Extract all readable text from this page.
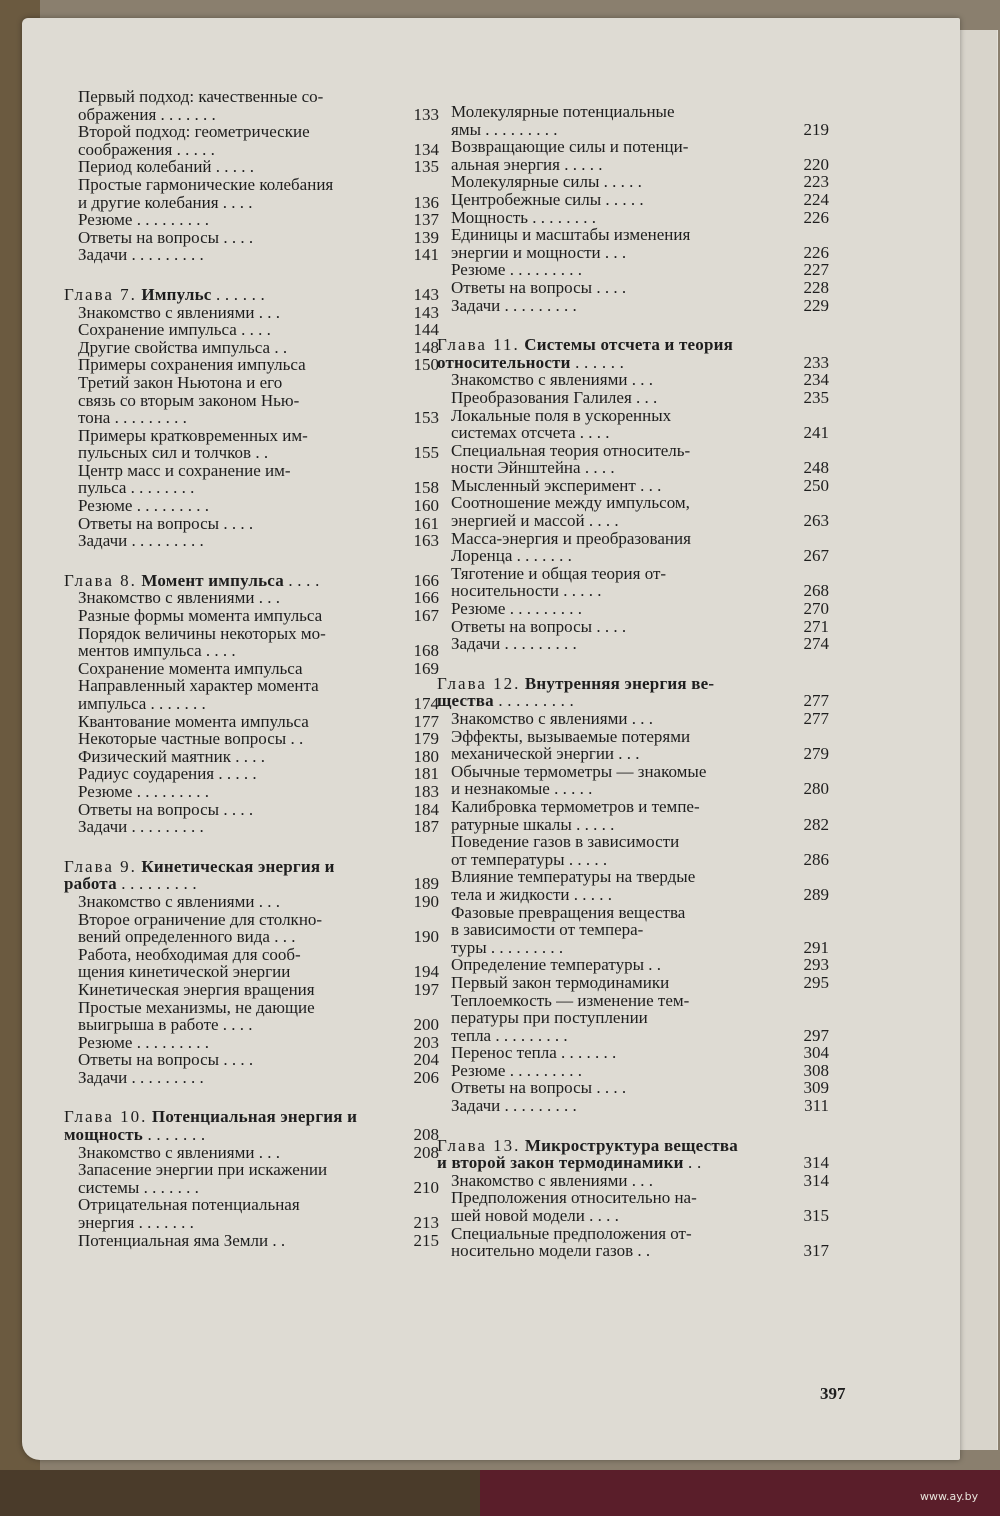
Первый подход: качественные со-
ображения . . . . . . .	133
Второй подход: геометрические
соображения . . . . .	134
Период колебаний . . . . .	135
Простые гармонические колебания
и другие колебания . . . .	136
Резюме . . . . . . . . .	137
Ответы на вопросы . . . .	139
Задачи . . . . . . . . .	141
Глава 7. Импульс . . . . . .	143
Знакомство с явлениями . . .	143
Сохранение импульса . . . .	144
Другие свойства импульса . .	148
Примеры сохранения импульса	150
Третий закон Ньютона и его
связь со вторым законом Нью-
тона . . . . . . . . .	153
Примеры кратковременных им-
пульсных сил и толчков . .	155
Центр масс и сохранение им-
пульса . . . . . . . .	158
Резюме . . . . . . . . .	160
Ответы на вопросы . . . .	161
Задачи . . . . . . . . .	163
Глава 8. Момент импульса . . . .	166
Знакомство с явлениями . . .	166
Разные формы момента импульса	167
Порядок величины некоторых мо-
ментов импульса . . . .	168
Сохранение момента импульса	169
Направленный характер момента
импульса . . . . . . .	174
Квантование момента импульса	177
Некоторые частные вопросы . .	179
Физический маятник . . . .	180
Радиус соударения . . . . .	181
Резюме . . . . . . . . .	183
Ответы на вопросы . . . .	184
Задачи . . . . . . . . .	187
Глава 9. Кинетическая энергия и
работа . . . . . . . . .	189
Знакомство с явлениями . . .	190
Второе ограничение для столкно-
вений определенного вида . . .	190
Работа, необходимая для сооб-
щения кинетической энергии	194
Кинетическая энергия вращения	197
Простые механизмы, не дающие
выигрыша в работе . . . .	200
Резюме . . . . . . . . .	203
Ответы на вопросы . . . .	204
Задачи . . . . . . . . .	206
Глава 10. Потенциальная энергия и
мощность . . . . . . .	208
Знакомство с явлениями . . .	208
Запасение энергии при искажении
системы . . . . . . .	210
Отрицательная потенциальная
энергия . . . . . . .	213
Потенциальная яма Земли . .	215
Молекулярные потенциальные
ямы . . . . . . . . .	219
Возвращающие силы и потенци-
альная энергия . . . . .	220
Молекулярные силы . . . . .	223
Центробежные силы . . . . .	224
Мощность . . . . . . . .	226
Единицы и масштабы изменения
энергии и мощности . . .	226
Резюме . . . . . . . . .	227
Ответы на вопросы . . . .	228
Задачи . . . . . . . . .	229
Глава 11. Системы отсчета и теория
относительности . . . . . .	233
Знакомство с явлениями . . .	234
Преобразования Галилея . . .	235
Локальные поля в ускоренных
системах отсчета . . . .	241
Специальная теория относитель-
ности Эйнштейна . . . .	248
Мысленный эксперимент . . .	250
Соотношение между импульсом,
энергией и массой . . . .	263
Масса-энергия и преобразования
Лоренца . . . . . . .	267
Тяготение и общая теория от-
носительности . . . . .	268
Резюме . . . . . . . . .	270
Ответы на вопросы . . . .	271
Задачи . . . . . . . . .	274
Глава 12. Внутренняя энергия ве-
щества . . . . . . . . .	277
Знакомство с явлениями . . .	277
Эффекты, вызываемые потерями
механической энергии . . .	279
Обычные термометры — знакомые
и незнакомые . . . . .	280
Калибровка термометров и темпе-
ратурные шкалы . . . . .	282
Поведение газов в зависимости
от температуры . . . . .	286
Влияние температуры на твердые
тела и жидкости . . . . .	289
Фазовые превращения вещества
в зависимости от темпера-
туры . . . . . . . . .	291
Определение температуры . .	293
Первый закон термодинамики	295
Теплоемкость — изменение тем-
пературы при поступлении
тепла . . . . . . . . .	297
Перенос тепла . . . . . . .	304
Резюме . . . . . . . . .	308
Ответы на вопросы . . . .	309
Задачи . . . . . . . . .	311
Глава 13. Микроструктура вещества
и второй закон термодинамики . .	314
Знакомство с явлениями . . .	314
Предположения относительно на-
шей новой модели . . . .	315
Специальные предположения от-
носительно модели газов . .	317
397
www.ay.by
